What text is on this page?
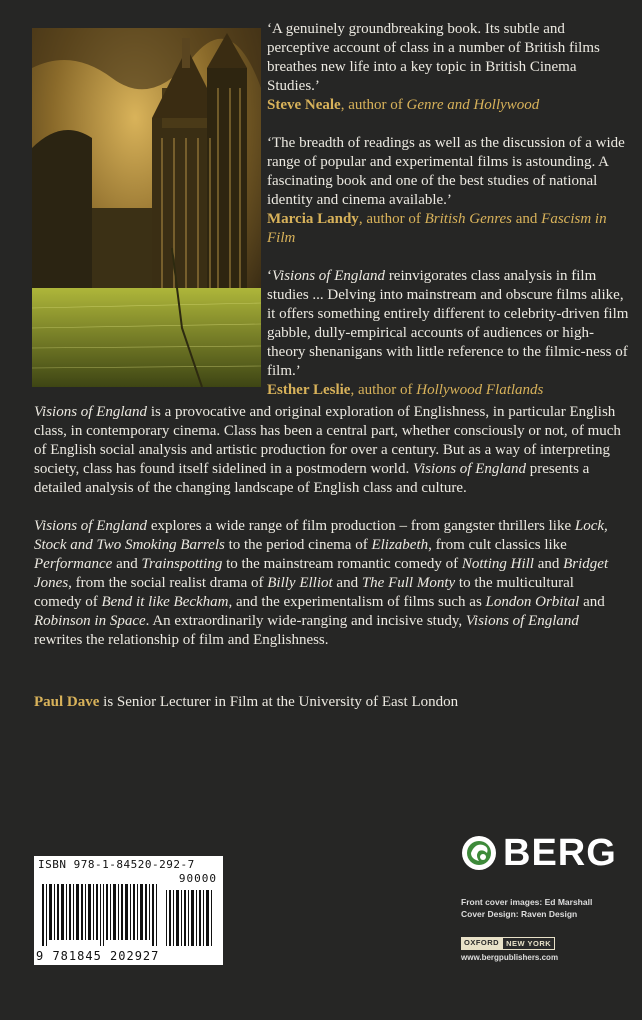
‘A genuinely groundbreaking book. Its subtle and perceptive account of class in a number of British films breathes new life into a key topic in British Cinema Studies.’

Steve Neale, author of Genre and Hollywood

‘The breadth of readings as well as the discussion of a wide range of popular and experimental films is astounding. A fascinating book and one of the best studies of national identity and cinema available.’

Marcia Landy, author of British Genres and Fascism in Film

‘Visions of England reinvigorates class analysis in film studies ... Delving into mainstream and obscure films alike, it offers something entirely different to celebrity-driven film gabble, dully-empirical accounts of audiences or high-theory shenanigans with little reference to the filmic-ness of film.’

Esther Leslie, author of Hollywood Flatlands

Visions of England is a provocative and original exploration of Englishness, in particular English class, in contemporary cinema. Class has been a central part, whether consciously or not, of much of English social analysis and artistic production for over a century. But as a way of interpreting society, class has found itself sidelined in a postmodern world. Visions of England presents a detailed analysis of the changing landscape of English class and culture.

Visions of England explores a wide range of film production – from gangster thrillers like Lock, Stock and Two Smoking Barrels to the period cinema of Elizabeth, from cult classics like Performance and Trainspotting to the mainstream romantic comedy of Notting Hill and Bridget Jones, from the social realist drama of Billy Elliot and The Full Monty to the multicultural comedy of Bend it like Beckham, and the experimentalism of films such as London Orbital and Robinson in Space. An extraordinarily wide-ranging and incisive study, Visions of England rewrites the relationship of film and Englishness.

Paul Dave is Senior Lecturer in Film at the University of East London
ISBN 978-1-84520-292-7
90000
9 781845 202927
BERG
Front cover images: Ed Marshall
Cover Design: Raven Design
OXFORD NEW YORK
www.bergpublishers.com
